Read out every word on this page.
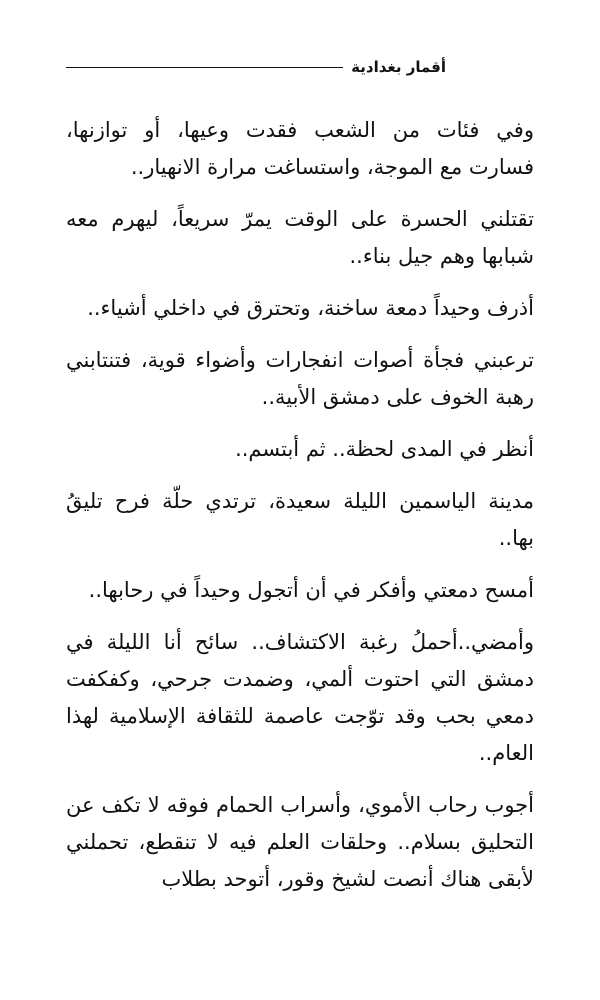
أقمار بغدادية

وفي فئات من الشعب فقدت وعيها، أو توازنها، فسارت مع الموجة، واستساغت مرارة الانهيار..

تقتلني الحسرة على الوقت يمرّ سريعاً، ليهرم معه شبابها وهم جيل بناء..

أذرف وحيداً دمعة ساخنة، وتحترق في داخلي أشياء..

ترعبني فجأة أصوات انفجارات وأضواء قوية، فتنتابني رهبة الخوف على دمشق الأبية..

أنظر في المدى لحظة.. ثم أبتسم..

مدينة الياسمين الليلة سعيدة، ترتدي حلّة فرح تليقُ بها..

أمسح دمعتي وأفكر في أن أتجول وحيداً في رحابها..

وأمضي..أحملُ رغبة الاكتشاف.. سائح أنا الليلة في دمشق التي احتوت ألمي، وضمدت جرحي، وكفكفت دمعي بحب وقد توّجت عاصمة للثقافة الإسلامية لهذا العام..

أجوب رحاب الأموي، وأسراب الحمام فوقه لا تكف عن التحليق بسلام.. وحلقات العلم فيه لا تنقطع، تحملني لأبقى هناك أنصت لشيخ وقور، أتوحد بطلاب
